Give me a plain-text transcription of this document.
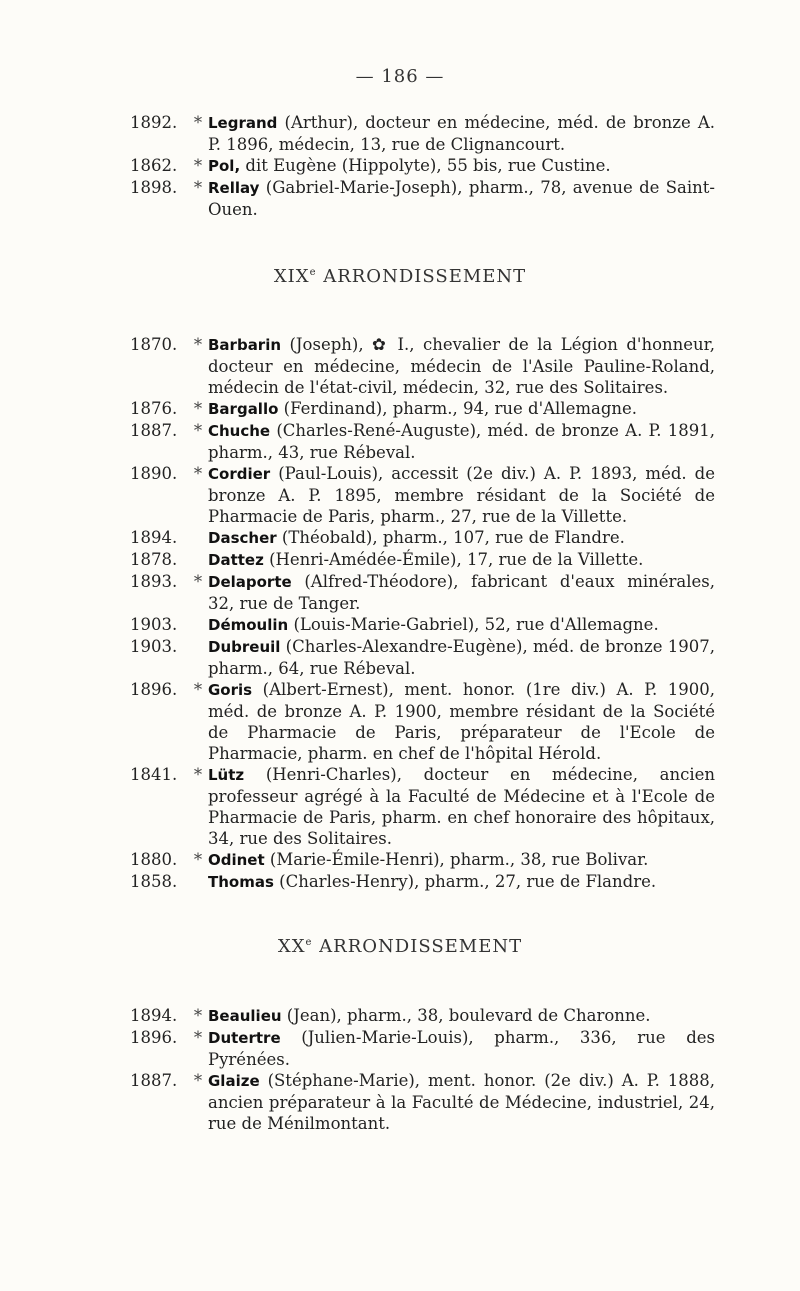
— 186 —
1892.	* Legrand (Arthur), docteur en médecine, méd. de bronze A. P. 1896, médecin, 13, rue de Clignancourt.
1862.	* Pol, dit Eugène (Hippolyte), 55 bis, rue Custine.
1898.	* Rellay (Gabriel-Marie-Joseph), pharm., 78, avenue de Saint-Ouen.
XIXe ARRONDISSEMENT
1870.	* Barbarin (Joseph), ✿ I., chevalier de la Légion d'honneur, docteur en médecine, médecin de l'Asile Pauline-Roland, médecin de l'état-civil, médecin, 32, rue des Solitaires.
1876.	* Bargallo (Ferdinand), pharm., 94, rue d'Allemagne.
1887.	* Chuche (Charles-René-Auguste), méd. de bronze A. P. 1891, pharm., 43, rue Rébeval.
1890.	* Cordier (Paul-Louis), accessit (2e div.) A. P. 1893, méd. de bronze A. P. 1895, membre résidant de la Société de Pharmacie de Paris, pharm., 27, rue de la Villette.
1894.	Dascher (Théobald), pharm., 107, rue de Flandre.
1878.	Dattez (Henri-Amédée-Émile), 17, rue de la Villette.
1893.	* Delaporte (Alfred-Théodore), fabricant d'eaux minérales, 32, rue de Tanger.
1903.	Démoulin (Louis-Marie-Gabriel), 52, rue d'Allemagne.
1903.	Dubreuil (Charles-Alexandre-Eugène), méd. de bronze 1907, pharm., 64, rue Rébeval.
1896.	* Goris (Albert-Ernest), ment. honor. (1re div.) A. P. 1900, méd. de bronze A. P. 1900, membre résidant de la Société de Pharmacie de Paris, préparateur de l'Ecole de Pharmacie, pharm. en chef de l'hôpital Hérold.
1841.	* Lütz (Henri-Charles), docteur en médecine, ancien professeur agrégé à la Faculté de Médecine et à l'Ecole de Pharmacie de Paris, pharm. en chef honoraire des hôpitaux, 34, rue des Solitaires.
1880.	* Odinet (Marie-Émile-Henri), pharm., 38, rue Bolivar.
1858.	Thomas (Charles-Henry), pharm., 27, rue de Flandre.
XXe ARRONDISSEMENT
1894.	* Beaulieu (Jean), pharm., 38, boulevard de Charonne.
1896.	* Dutertre (Julien-Marie-Louis), pharm., 336, rue des Pyrénées.
1887.	* Glaize (Stéphane-Marie), ment. honor. (2e div.) A. P. 1888, ancien préparateur à la Faculté de Médecine, industriel, 24, rue de Ménilmontant.
